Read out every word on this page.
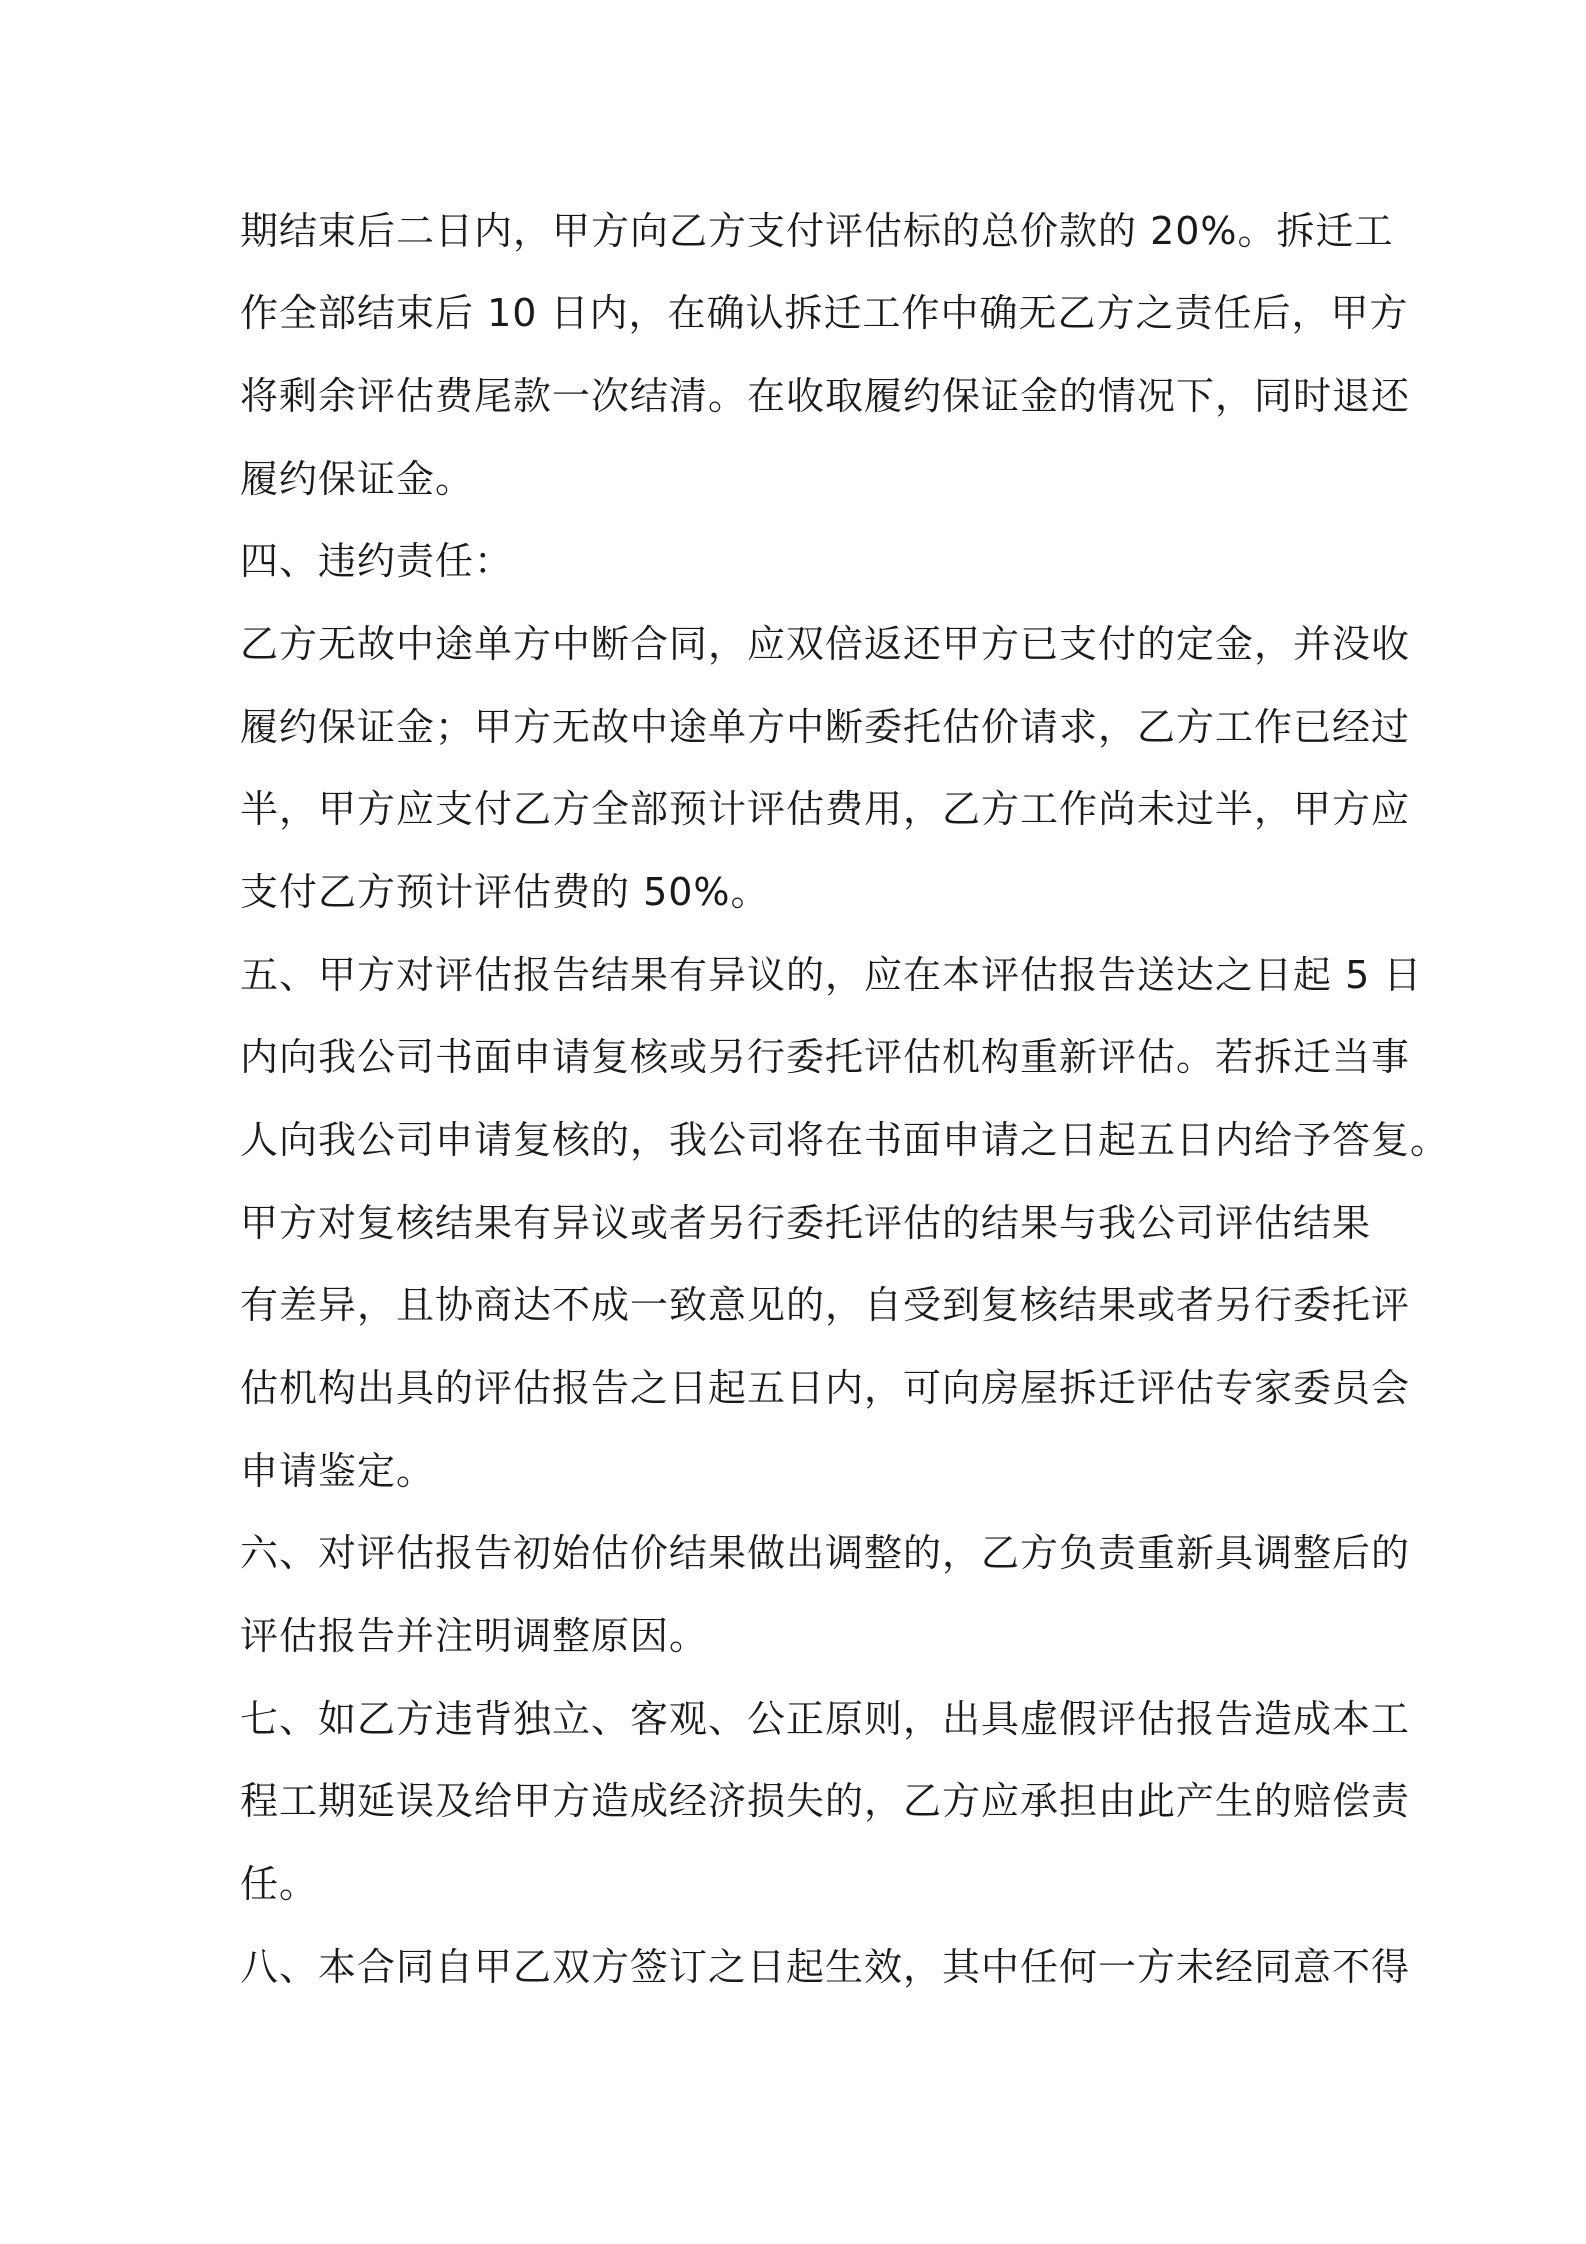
期结束后二日内，甲方向乙方支付评估标的总价款的 20%。拆迁工
作全部结束后 10 日内，在确认拆迁工作中确无乙方之责任后，甲方
将剩余评估费尾款一次结清。在收取履约保证金的情况下，同时退还
履约保证金。
四、违约责任：
乙方无故中途单方中断合同，应双倍返还甲方已支付的定金，并没收
履约保证金；甲方无故中途单方中断委托估价请求，乙方工作已经过
半，甲方应支付乙方全部预计评估费用，乙方工作尚未过半，甲方应
支付乙方预计评估费的 50%。
五、甲方对评估报告结果有异议的，应在本评估报告送达之日起 5 日
内向我公司书面申请复核或另行委托评估机构重新评估。若拆迁当事
人向我公司申请复核的，我公司将在书面申请之日起五日内给予答复。
甲方对复核结果有异议或者另行委托评估的结果与我公司评估结果
有差异，且协商达不成一致意见的，自受到复核结果或者另行委托评
估机构出具的评估报告之日起五日内，可向房屋拆迁评估专家委员会
申请鉴定。
六、对评估报告初始估价结果做出调整的，乙方负责重新具调整后的
评估报告并注明调整原因。
七、如乙方违背独立、客观、公正原则，出具虚假评估报告造成本工
程工期延误及给甲方造成经济损失的，乙方应承担由此产生的赔偿责
任。
八、本合同自甲乙双方签订之日起生效，其中任何一方未经同意不得
